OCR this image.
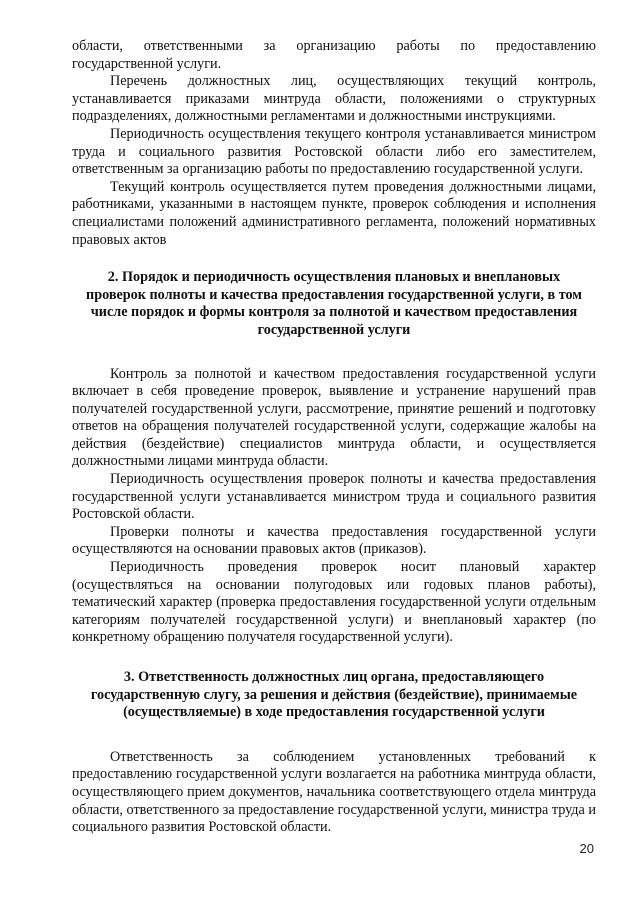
области, ответственными за организацию работы по предоставлению государственной услуги.

Перечень должностных лиц, осуществляющих текущий контроль, устанавливается приказами минтруда области, положениями о структурных подразделениях, должностными регламентами и должностными инструкциями.

Периодичность осуществления текущего контроля устанавливается министром труда и социального развития Ростовской области либо его заместителем, ответственным за организацию работы по предоставлению государственной услуги.

Текущий контроль осуществляется путем проведения должностными лицами, работниками, указанными в настоящем пункте, проверок соблюдения и исполнения специалистами положений административного регламента, положений нормативных правовых актов

2. Порядок и периодичность осуществления плановых и внеплановых проверок полноты и качества предоставления государственной услуги, в том числе порядок и формы контроля за полнотой и качеством предоставления государственной услуги

Контроль за полнотой и качеством предоставления государственной услуги включает в себя проведение проверок, выявление и устранение нарушений прав получателей государственной услуги, рассмотрение, принятие решений и подготовку ответов на обращения получателей государственной услуги, содержащие жалобы на действия (бездействие) специалистов минтруда области, и осуществляется должностными лицами минтруда области.

Периодичность осуществления проверок полноты и качества предоставления государственной услуги устанавливается министром труда и социального развития Ростовской области.

Проверки полноты и качества предоставления государственной услуги осуществляются на основании правовых актов (приказов).

Периодичность проведения проверок носит плановый характер (осуществляться на основании полугодовых или годовых планов работы), тематический характер (проверка предоставления государственной услуги отдельным категориям получателей государственной услуги) и внеплановый характер (по конкретному обращению получателя государственной услуги).

3. Ответственность должностных лиц органа, предоставляющего государственную слугу, за решения и действия (бездействие), принимаемые (осуществляемые) в ходе предоставления государственной услуги

Ответственность за соблюдением установленных требований к предоставлению государственной услуги возлагается на работника минтруда области, осуществляющего прием документов, начальника соответствующего отдела минтруда области, ответственного за предоставление государственной услуги, министра труда и социального развития Ростовской области.

20
